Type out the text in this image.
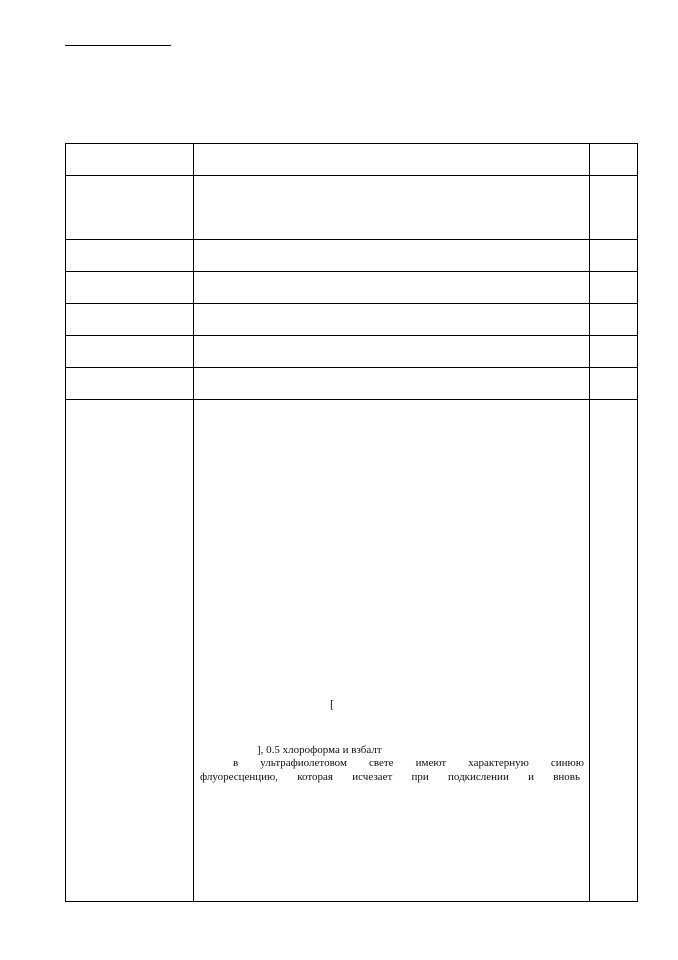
[
], 0.5 хлороформа и взбалт
в ультрафиолетовом свете имеют характерную синюю
флуоресценцию, которая исчезает при подкислении и вновь
